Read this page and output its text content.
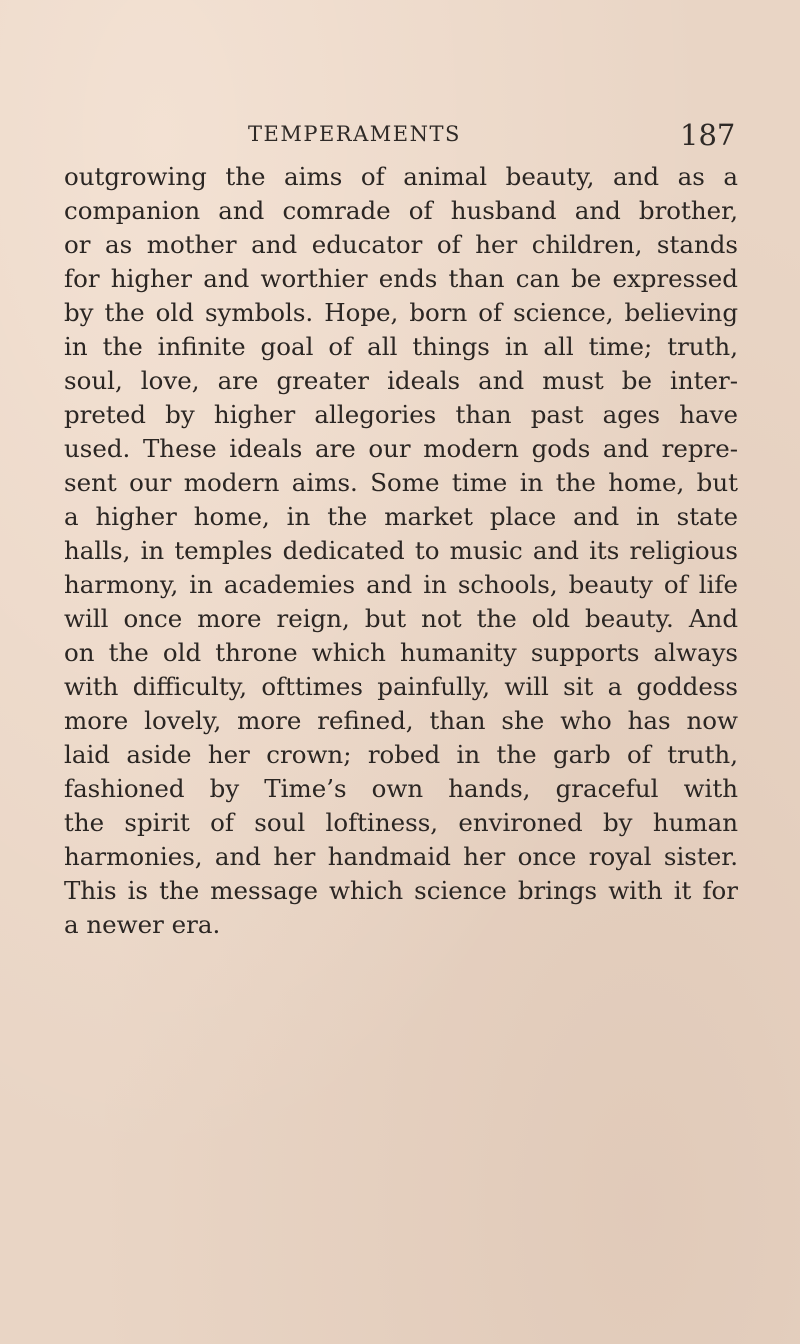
TEMPERAMENTS	187
outgrowing the aims of animal beauty, and as a
companion and comrade of husband and brother,
or as mother and educator of her children, stands
for higher and worthier ends than can be expressed
by the old symbols. Hope, born of science, believing
in the infinite goal of all things in all time; truth,
soul, love, are greater ideals and must be inter-
preted by higher allegories than past ages have
used. These ideals are our modern gods and repre-
sent our modern aims. Some time in the home, but
a higher home, in the market place and in state
halls, in temples dedicated to music and its religious
harmony, in academies and in schools, beauty of life
will once more reign, but not the old beauty. And
on the old throne which humanity supports always
with difficulty, ofttimes painfully, will sit a goddess
more lovely, more refined, than she who has now
laid aside her crown; robed in the garb of truth,
fashioned by Time’s own hands, graceful with
the spirit of soul loftiness, environed by human
harmonies, and her handmaid her once royal sister.
This is the message which science brings with it for
a newer era.
